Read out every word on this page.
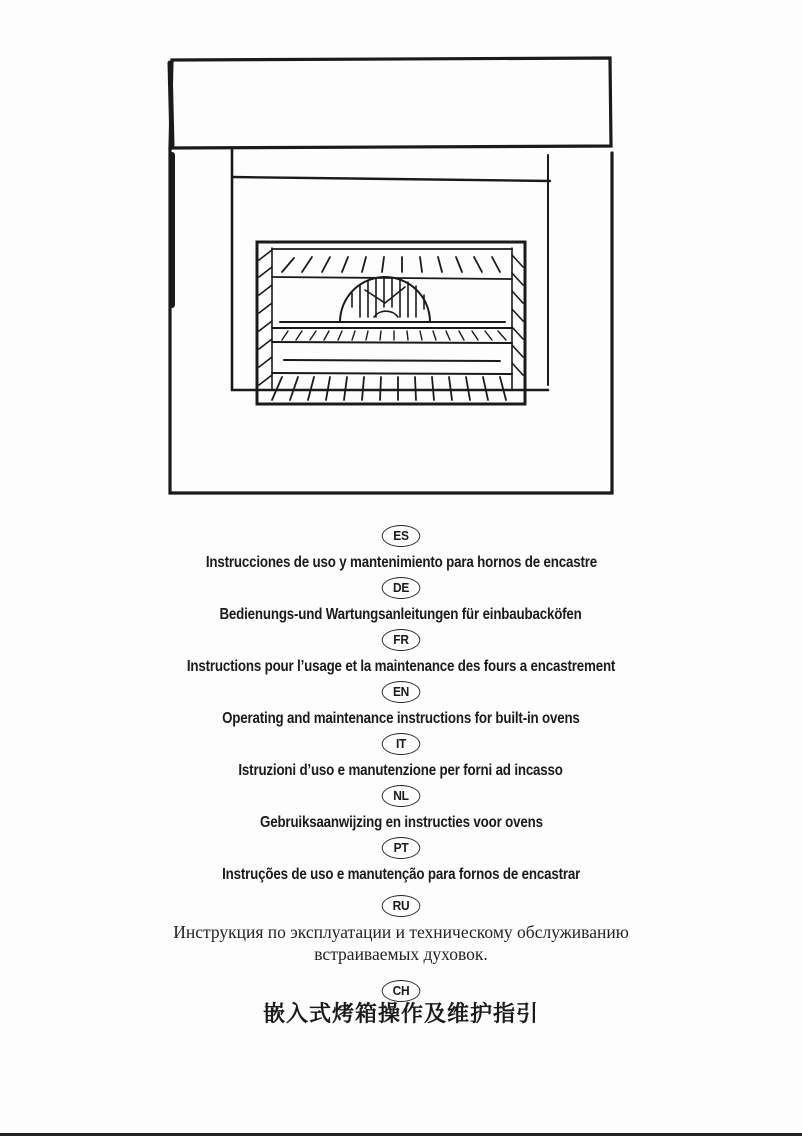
ES
Instrucciones de uso y mantenimiento para hornos de encastre
DE
Bedienungs-und Wartungsanleitungen für einbaubacköfen
FR
Instructions pour l’usage et la maintenance des fours a encastrement
EN
Operating and maintenance instructions for built-in ovens
IT
Istruzioni d’uso e manutenzione per forni ad incasso
NL
Gebruiksaanwijzing en instructies voor ovens
PT
Instruções de uso e manutenção para fornos de encastrar
RU
Инструкция по эксплуатации и техническому обслуживанию
встраиваемых духовок.
CH
嵌入式烤箱操作及维护指引
